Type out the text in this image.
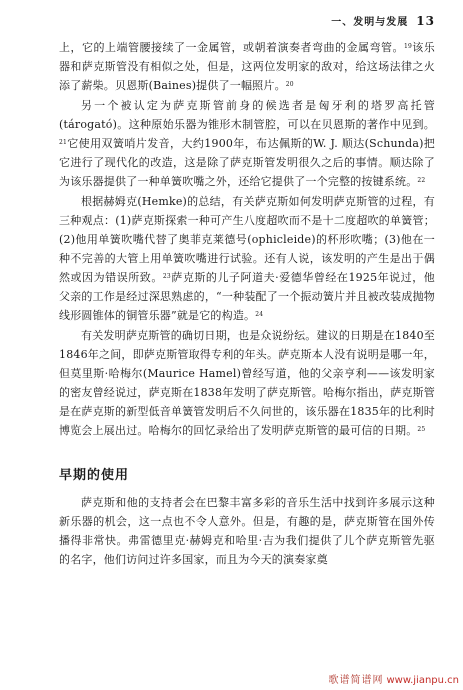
一、发明与发展 13

上，它的上端管腰接续了一金属管，或朝着演奏者弯曲的金属弯管。$^{19}$该乐器和萨克斯管没有相似之处，但是，这两位发明家的敌对，给这场法律之火添了薪柴。贝恩斯(Baines)提供了一幅照片。$^{20}$

另一个被认定为萨克斯管前身的候选者是匈牙利的塔罗高托管(tárogató)。这种原始乐器为锥形木制管腔，可以在贝恩斯的著作中见到。$^{21}$它使用双簧哨片发音，大约1900年，布达佩斯的W. J. 顺达(Schunda)把它进行了现代化的改造，这是除了萨克斯管发明很久之后的事情。顺达除了为该乐器提供了一种单簧吹嘴之外，还给它提供了一个完整的按键系统。$^{22}$

根据赫姆克(Hemke)的总结，有关萨克斯如何发明萨克斯管的过程，有三种观点：(1)萨克斯探索一种可产生八度超吹而不是十二度超吹的单簧管；(2)他用单簧吹嘴代替了奥菲克莱德号(ophicleide)的杯形吹嘴；(3)他在一种不完善的大管上用单簧吹嘴进行试验。还有人说，该发明的产生是出于偶然或因为错误所致。$^{23}$萨克斯的儿子阿道夫·爱德华曾经在1925年说过，他父亲的工作是经过深思熟虑的，“一种装配了一个振动簧片并且被改装成抛物线形圆锥体的铜管乐器”就是它的构造。$^{24}$

有关发明萨克斯管的确切日期，也是众说纷纭。建议的日期是在1840至1846年之间，即萨克斯管取得专利的年头。萨克斯本人没有说明是哪一年，但莫里斯·哈梅尔(Maurice Hamel)曾经写道，他的父亲亨利——该发明家的密友曾经说过，萨克斯在1838年发明了萨克斯管。哈梅尔指出，萨克斯管是在萨克斯的新型低音单簧管发明后不久问世的，该乐器在1835年的比利时博览会上展出过。哈梅尔的回忆录给出了发明萨克斯管的最可信的日期。$^{25}$

早期的使用

萨克斯和他的支持者会在巴黎丰富多彩的音乐生活中找到许多展示这种新乐器的机会，这一点也不令人意外。但是，有趣的是，萨克斯管在国外传播得非常快。弗雷德里克·赫姆克和哈里·吉为我们提供了儿个萨克斯管先驱的名字，他们访问过许多国家，而且为今天的演奏家奠

歌谱简谱网 www.jianpu.cn
